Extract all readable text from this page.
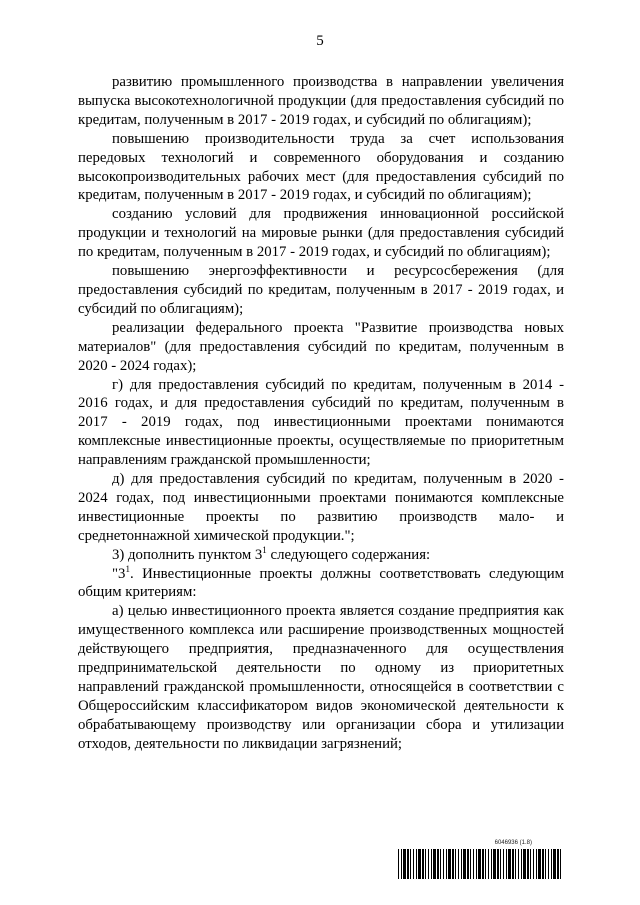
5

развитию промышленного производства в направлении увеличения выпуска высокотехнологичной продукции (для предоставления субсидий по кредитам, полученным в 2017 - 2019 годах, и субсидий по облигациям);

повышению производительности труда за счет использования передовых технологий и современного оборудования и созданию высокопроизводительных рабочих мест (для предоставления субсидий по кредитам, полученным в 2017 - 2019 годах, и субсидий по облигациям);

созданию условий для продвижения инновационной российской продукции и технологий на мировые рынки (для предоставления субсидий по кредитам, полученным в 2017 - 2019 годах, и субсидий по облигациям);

повышению энергоэффективности и ресурсосбережения (для предоставления субсидий по кредитам, полученным в 2017 - 2019 годах, и субсидий по облигациям);

реализации федерального проекта "Развитие производства новых материалов" (для предоставления субсидий по кредитам, полученным в 2020 - 2024 годах);

г) для предоставления субсидий по кредитам, полученным в 2014 - 2016 годах, и для предоставления субсидий по кредитам, полученным в 2017 - 2019 годах, под инвестиционными проектами понимаются комплексные инвестиционные проекты, осуществляемые по приоритетным направлениям гражданской промышленности;

д) для предоставления субсидий по кредитам, полученным в 2020 - 2024 годах, под инвестиционными проектами понимаются комплексные инвестиционные проекты по развитию производств мало- и среднетоннажной химической продукции.";

3) дополнить пунктом $3^1$ следующего содержания:

"$3^1$. Инвестиционные проекты должны соответствовать следующим общим критериям:

а) целью инвестиционного проекта является создание предприятия как имущественного комплекса или расширение производственных мощностей действующего предприятия, предназначенного для осуществления предпринимательской деятельности по одному из приоритетных направлений гражданской промышленности, относящейся в соответствии с Общероссийским классификатором видов экономической деятельности к обрабатывающему производству или организации сбора и утилизации отходов, деятельности по ликвидации загрязнений;

6046936 (1.8)
